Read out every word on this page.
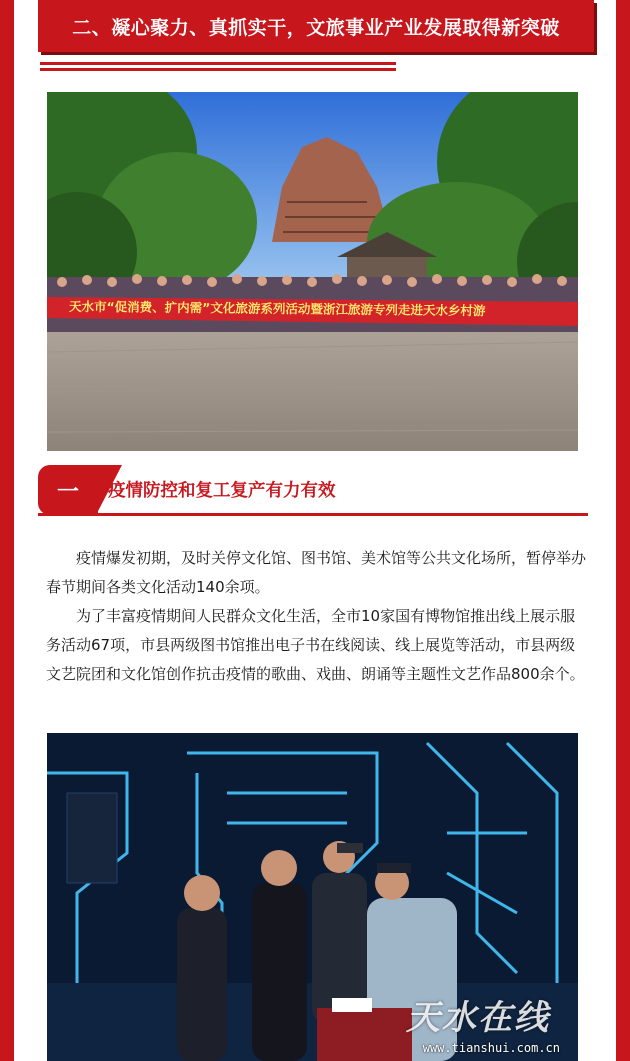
二、凝心聚力、真抓实干，文旅事业产业发展取得新突破
天水市“促消费、扩内需”文化旅游系列活动暨浙江旅游专列走进天水乡村游
一 疫情防控和复工复产有力有效

疫情爆发初期，及时关停文化馆、图书馆、美术馆等公共文化场所，暂停举办春节期间各类文化活动140余项。

为了丰富疫情期间人民群众文化生活，全市10家国有博物馆推出线上展示服务活动67项，市县两级图书馆推出电子书在线阅读、线上展览等活动，市县两级文艺院团和文化馆创作抗击疫情的歌曲、戏曲、朗诵等主题性文艺作品800余个。

天水在线
www.tianshui.com.cn
